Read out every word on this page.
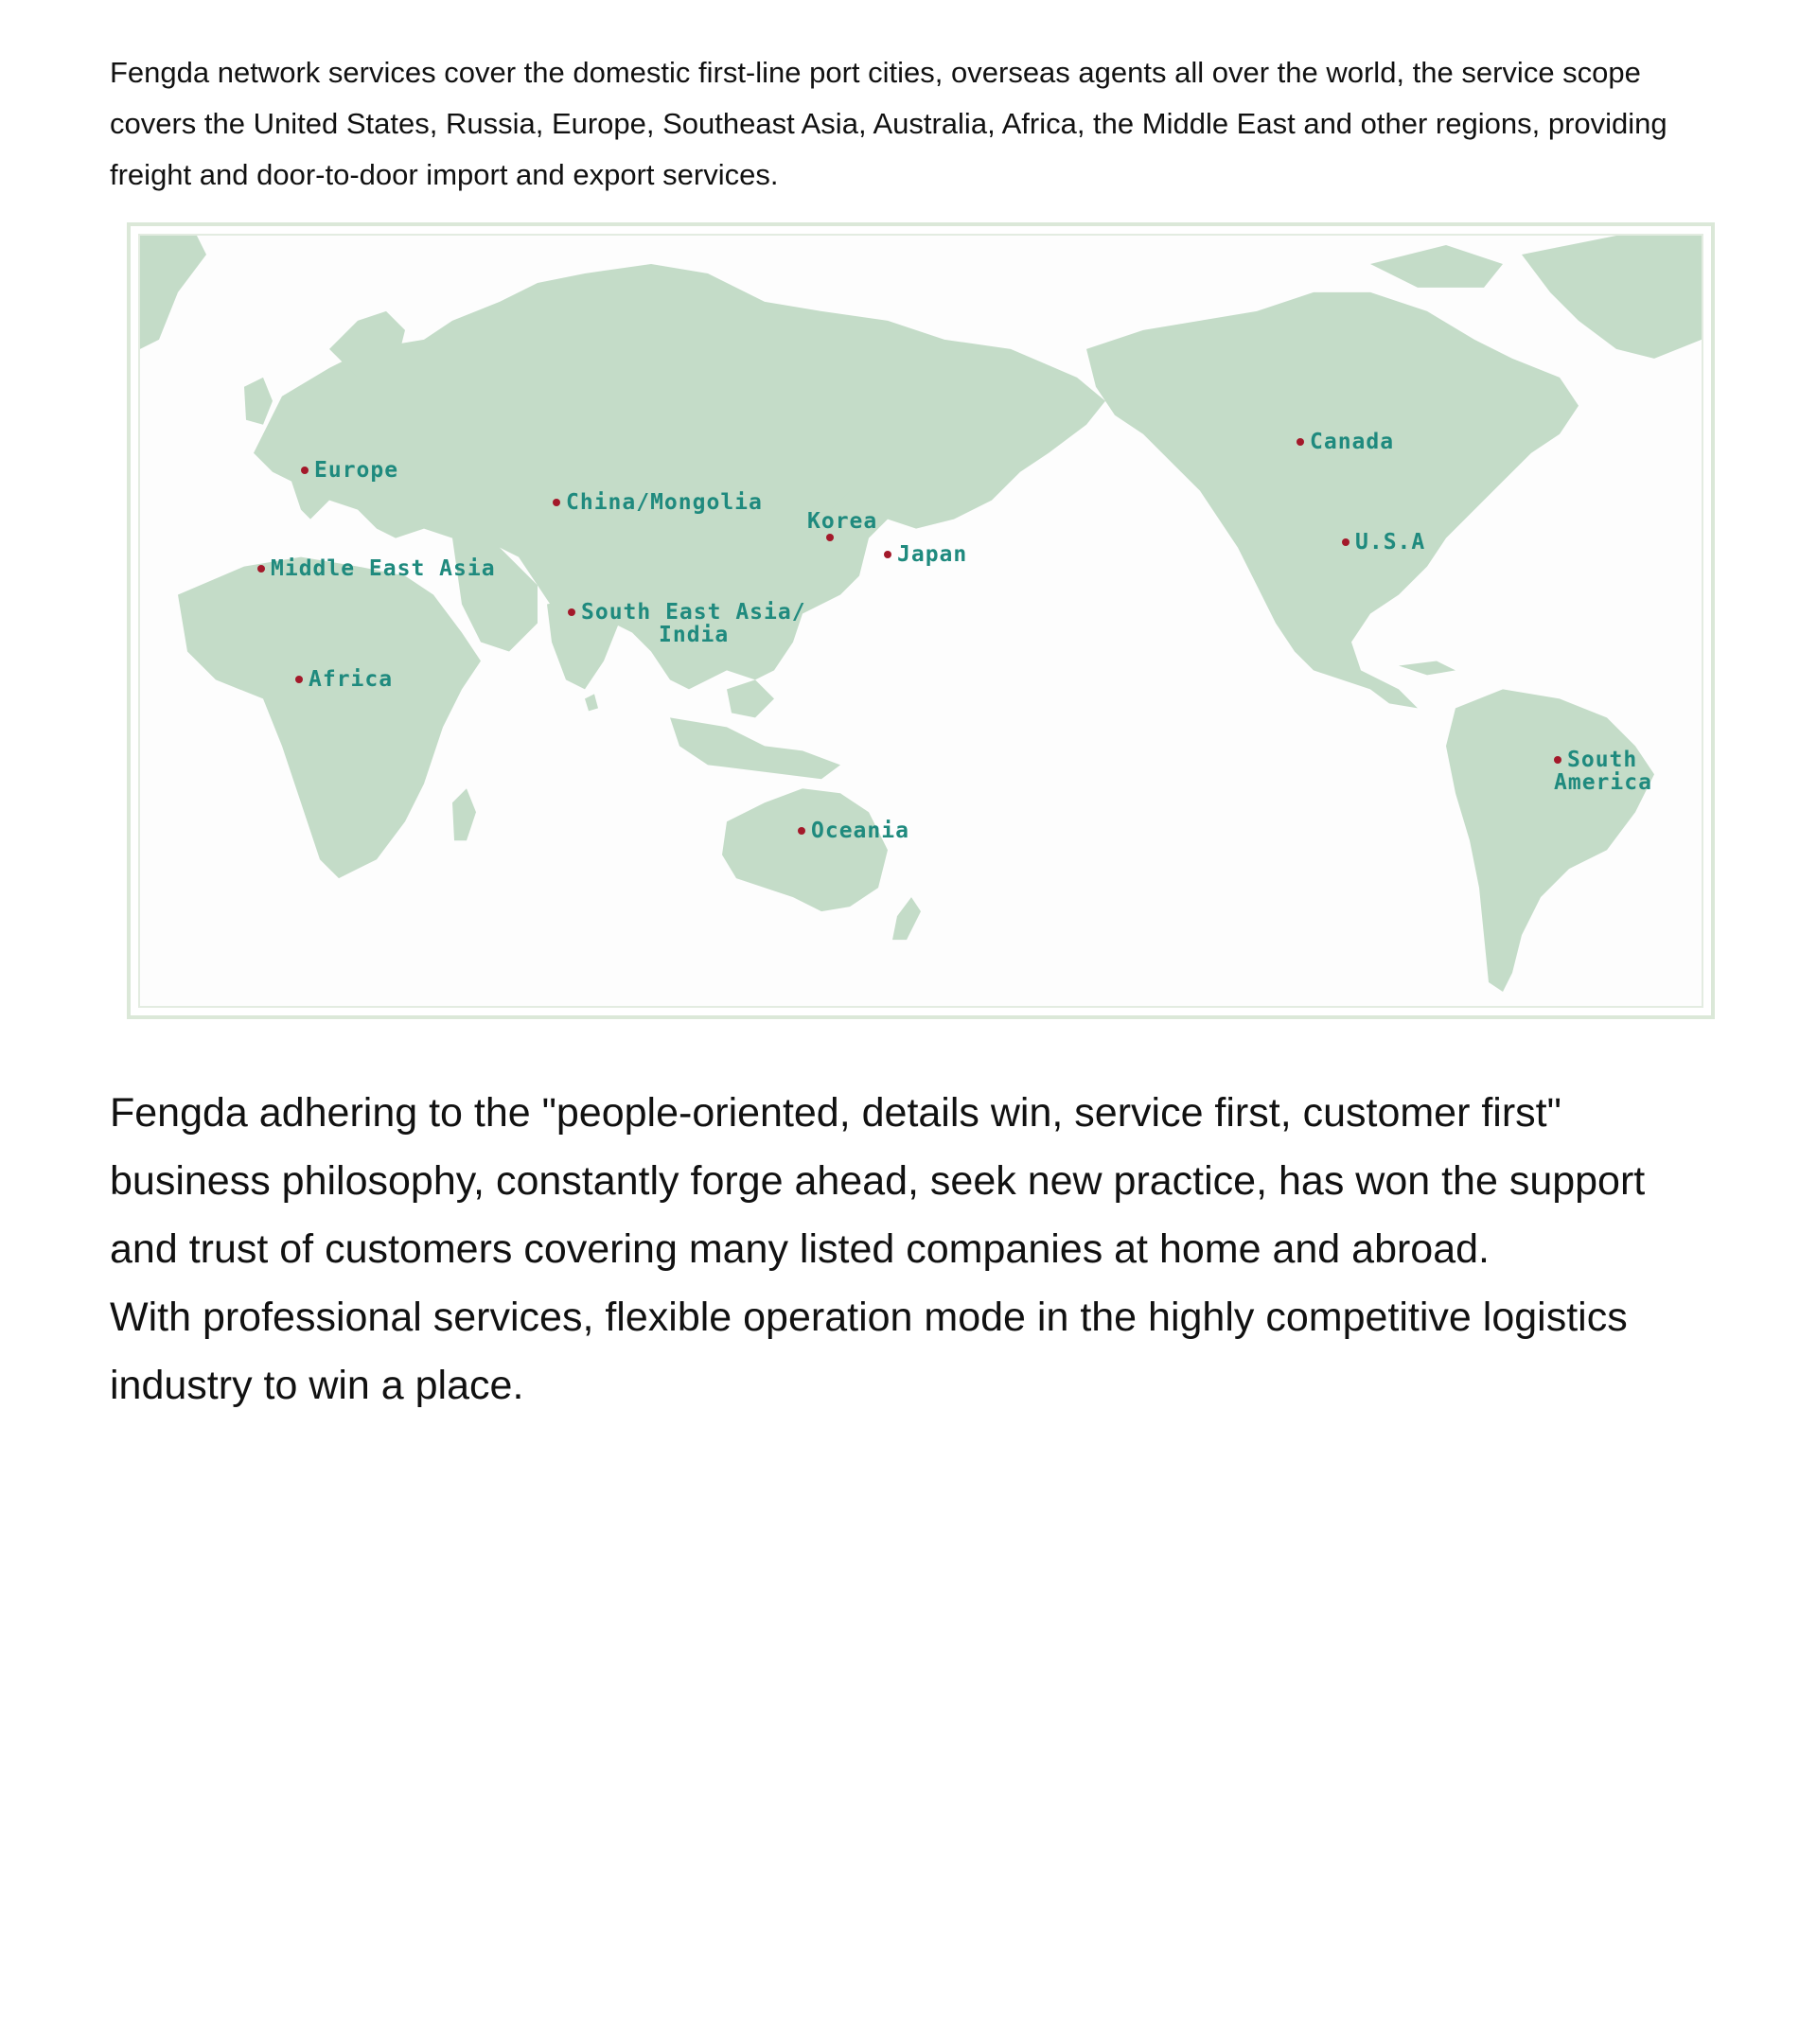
Fengda network services cover the domestic first-line port cities, overseas agents all over the world, the service scope covers the United States, Russia, Europe, Southeast Asia, Australia, Africa, the Middle East and other regions, providing freight and door-to-door import and export services.

Europe
China/Mongolia
Korea
Japan
Middle East Asia
South East Asia/
India
Africa
Oceania
Canada
U.S.A
South
America

Fengda adhering to the "people-oriented, details win, service first, customer first" business philosophy, constantly forge ahead, seek new practice, has won the support and trust of customers covering many listed companies at home and abroad.

With professional services, flexible operation mode in the highly competitive logistics industry to win a place.
